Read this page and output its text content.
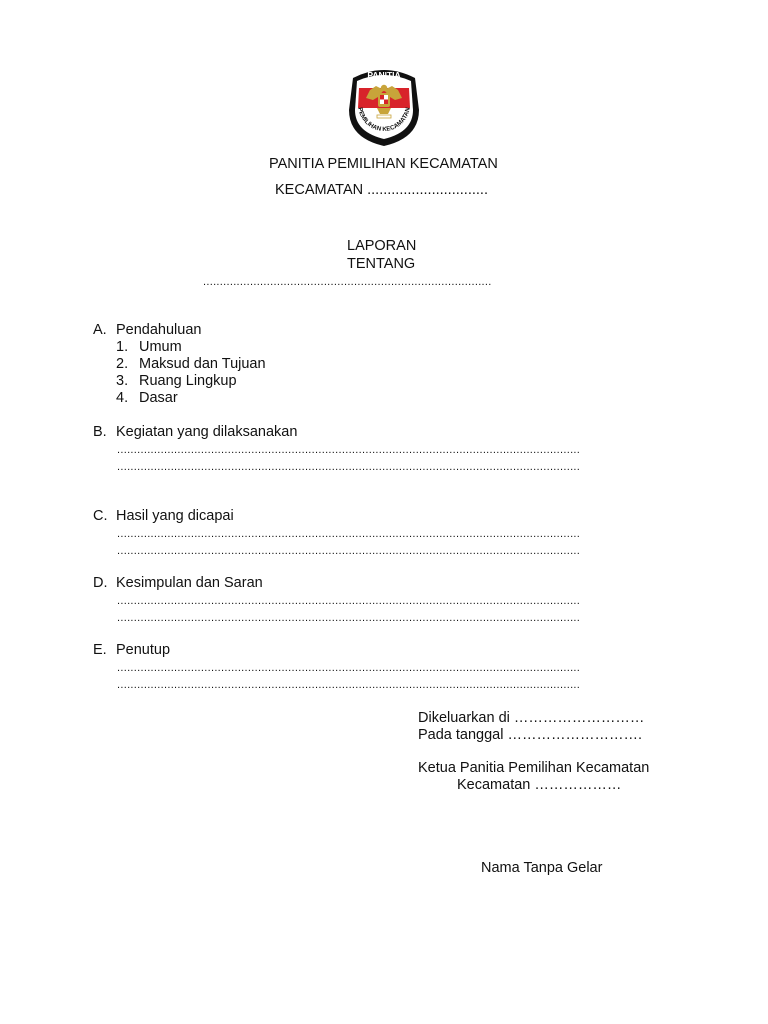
PANITIA
PEMILIHAN KECAMATAN
PANITIA PEMILIHAN KECAMATAN
KECAMATAN ..............................
LAPORAN
TENTANG
......................................................................................
A. Pendahuluan
1. Umum
2. Maksud dan Tujuan
3. Ruang Lingkup
4. Dasar
B. Kegiatan yang dilaksanakan
..........................................................................................................................................
..........................................................................................................................................
C. Hasil yang dicapai
..........................................................................................................................................
..........................................................................................................................................
D. Kesimpulan dan Saran
..........................................................................................................................................
..........................................................................................................................................
E. Penutup
..........................................................................................................................................
..........................................................................................................................................
Dikeluarkan di ………………………
Pada tanggal ……………………….
Ketua Panitia Pemilihan Kecamatan
Kecamatan ………………
Nama Tanpa Gelar
